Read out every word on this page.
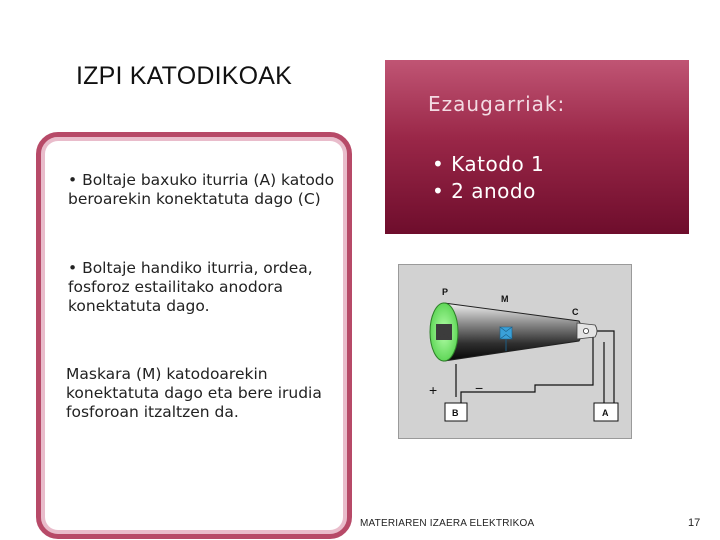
IZPI KATODIKOAK
• Boltaje baxuko iturria (A) katodo beroarekin konektatuta dago (C)
• Boltaje handiko iturria, ordea, fosforoz estailitako anodora konektatuta dago.
Maskara (M) katodoarekin konektatuta dago eta bere irudia fosforoan itzaltzen da.
Ezaugarriak:
• Katodo 1
• 2 anodo
P
M
C
+	−
B	A
MATERIAREN IZAERA ELEKTRIKOA	17
